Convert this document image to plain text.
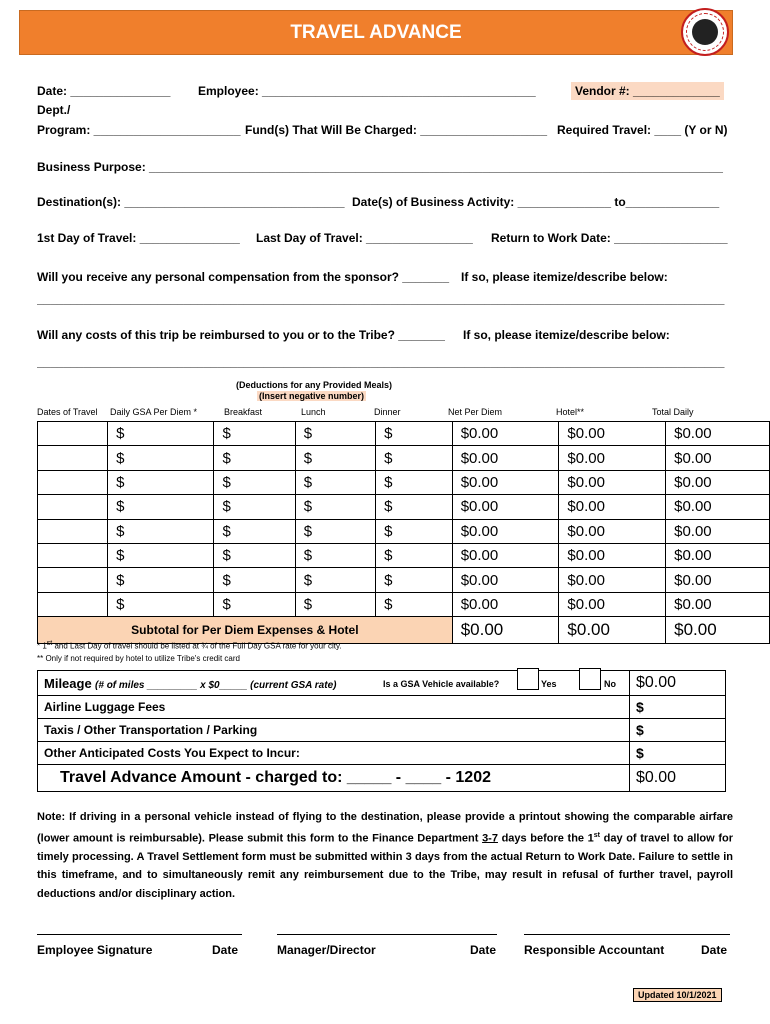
TRAVEL ADVANCE
Date: _______________ Employee: _________________________________________	Vendor #: _____________
Dept./
Program: ______________________ Fund(s) That Will Be Charged: ___________________ Required Travel: ____ (Y or N)
Business Purpose: ______________________________________________________________________________________
Destination(s): _________________________________ Date(s) of Business Activity: ______________ to______________
1st Day of Travel: _______________ Last Day of Travel: ________________ Return to Work Date: _________________
Will you receive any personal compensation from the sponsor? _______ If so, please itemize/describe below:
_______________________________________________________________________________________________________
Will any costs of this trip be reimbursed to you or to the Tribe? _______ If so, please itemize/describe below:
_______________________________________________________________________________________________________
(Deductions for any Provided Meals)
(Insert negative number)
Dates of Travel Daily GSA Per Diem *	Breakfast	Lunch	Dinner	Net Per Diem	Hotel**	Total Daily
	$	$	$	$	$0.00	$0.00	$0.00
	$	$	$	$	$0.00	$0.00	$0.00
	$	$	$	$	$0.00	$0.00	$0.00
	$	$	$	$	$0.00	$0.00	$0.00
	$	$	$	$	$0.00	$0.00	$0.00
	$	$	$	$	$0.00	$0.00	$0.00
	$	$	$	$	$0.00	$0.00	$0.00
	$	$	$	$	$0.00	$0.00	$0.00
Subtotal for Per Diem Expenses & Hotel					$0.00	$0.00	$0.00
* 1st and Last Day of travel should be listed at ¾ of the Full Day GSA rate for your city.
** Only if not required by hotel to utilize Tribe's credit card
Mileage (# of miles _________ x $0_____ (current GSA rate) Is a GSA Vehicle available? Yes No	$0.00
Airline Luggage Fees	$
Taxis / Other Transportation / Parking	$
Other Anticipated Costs You Expect to Incur:	$
Travel Advance Amount - charged to: _____ - ____ - 1202	$0.00
Note: If driving in a personal vehicle instead of flying to the destination, please provide a printout showing the comparable airfare (lower amount is reimbursable). Please submit this form to the Finance Department 3-7 days before the 1st day of travel to allow for timely processing. A Travel Settlement form must be submitted within 3 days from the actual Return to Work Date. Failure to settle in this timeframe, and to simultaneously remit any reimbursement due to the Tribe, may result in refusal of further travel, payroll deductions and/or disciplinary action.
Employee Signature	Date	Manager/Director	Date Responsible Accountant	Date
Updated 10/1/2021
